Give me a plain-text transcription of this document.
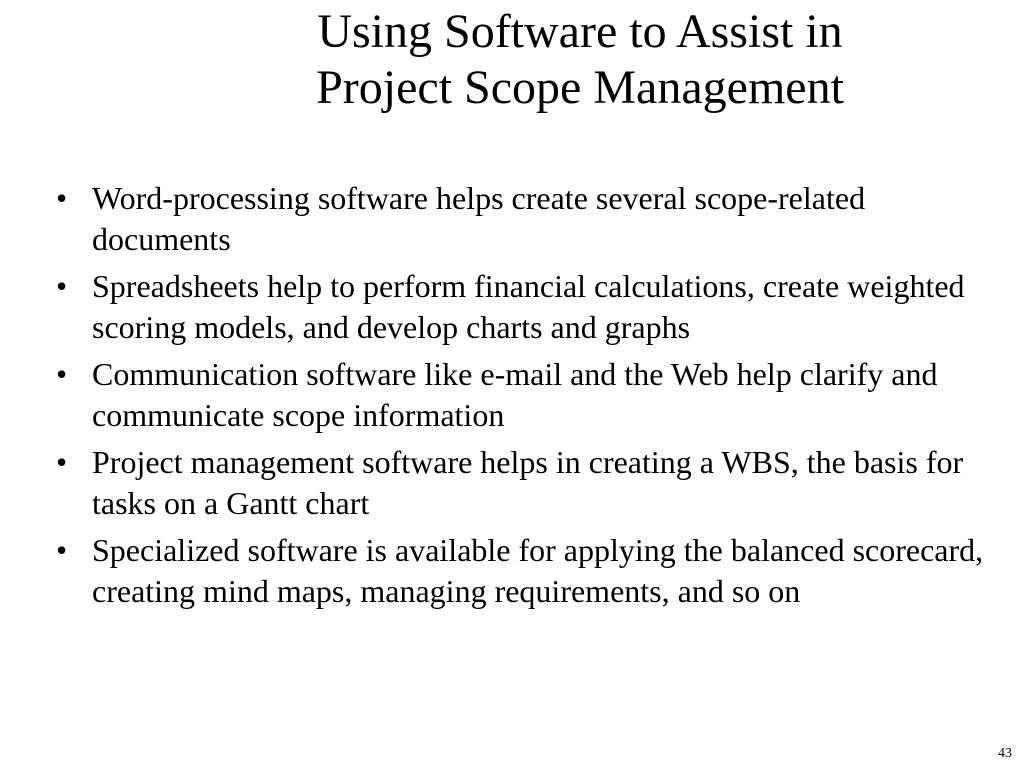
Using Software to Assist in
Project Scope Management
• Word-processing software helps create several scope-related documents
• Spreadsheets help to perform financial calculations, create weighted scoring models, and develop charts and graphs
• Communication software like e-mail and the Web help clarify and communicate scope information
• Project management software helps in creating a WBS, the basis for tasks on a Gantt chart
• Specialized software is available for applying the balanced scorecard, creating mind maps, managing requirements, and so on
43
